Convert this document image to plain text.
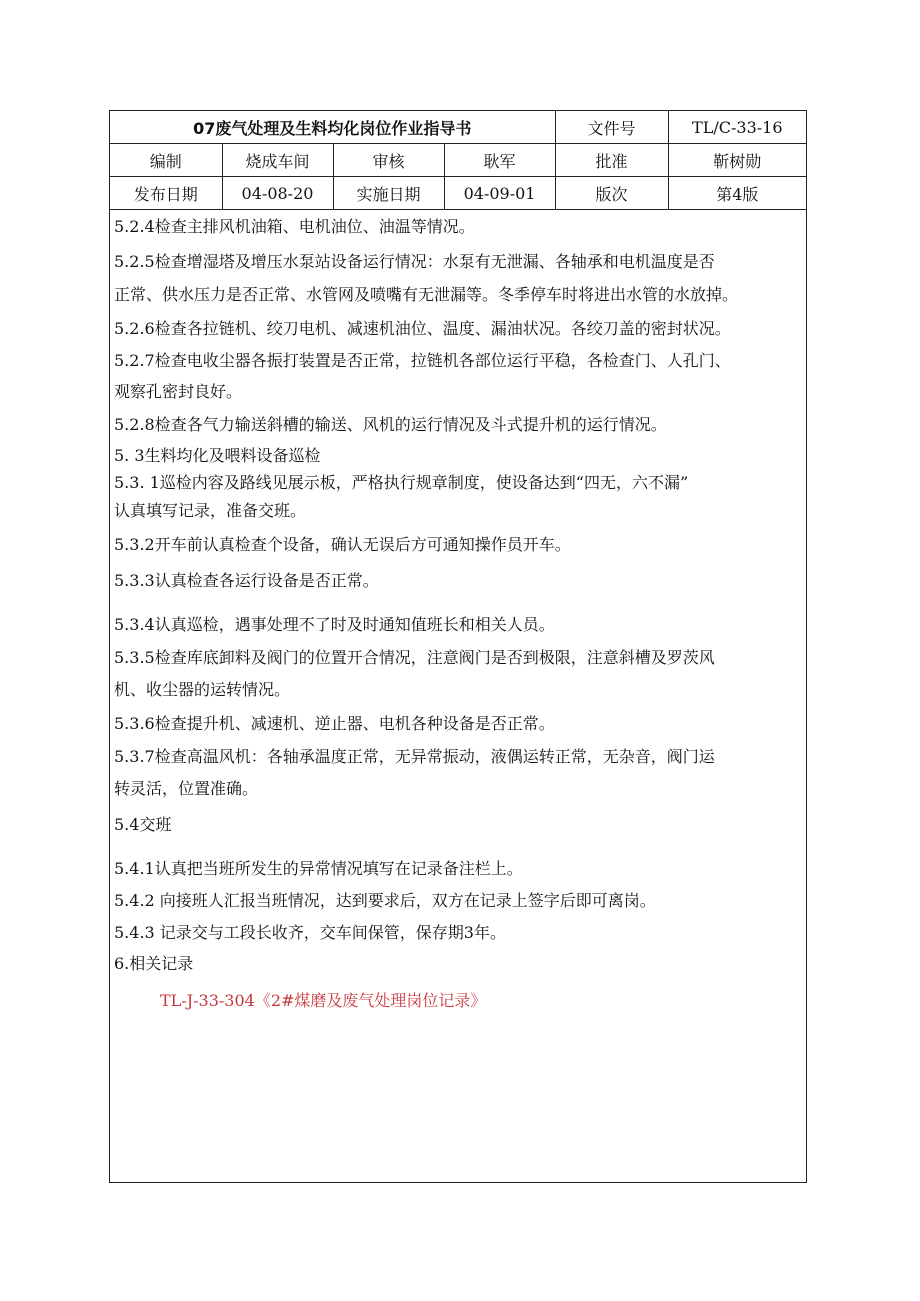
07废气处理及生料均化岗位作业指导书				文件号	TL/C-33-16
编制	烧成车间	审核	耿军	批准	靳树勋
发布日期	04-08-20	实施日期	04-09-01	版次	第4版
5.2.4检查主排风机油箱、电机油位、油温等情况。
5.2.5检查增湿塔及增压水泵站设备运行情况：水泵有无泄漏、各轴承和电机温度是否
正常、供水压力是否正常、水管网及喷嘴有无泄漏等。冬季停车时将进出水管的水放掉。
5.2.6检查各拉链机、绞刀电机、减速机油位、温度、漏油状况。各绞刀盖的密封状况。
5.2.7检查电收尘器各振打装置是否正常，拉链机各部位运行平稳，各检查门、人孔门、
观察孔密封良好。
5.2.8检查各气力输送斜槽的输送、风机的运行情况及斗式提升机的运行情况。
5. 3生料均化及喂料设备巡检
5.3. 1巡检内容及路线见展示板，严格执行规章制度，使设备达到“四无，六不漏”
认真填写记录，准备交班。
5.3.2开车前认真检查个设备，确认无误后方可通知操作员开车。
5.3.3认真检查各运行设备是否正常。
5.3.4认真巡检，遇事处理不了时及时通知值班长和相关人员。
5.3.5检查库底卸料及阀门的位置开合情况，注意阀门是否到极限，注意斜槽及罗茨风
机、收尘器的运转情况。
5.3.6检查提升机、减速机、逆止器、电机各种设备是否正常。
5.3.7检查高温风机：各轴承温度正常，无异常振动，液偶运转正常，无杂音，阀门运
转灵活，位置准确。
5.4交班
5.4.1认真把当班所发生的异常情况填写在记录备注栏上。
5.4.2 向接班人汇报当班情况，达到要求后，双方在记录上签字后即可离岗。
5.4.3 记录交与工段长收齐，交车间保管，保存期3年。
6.相关记录
TL-J-33-304《2#煤磨及废气处理岗位记录》
